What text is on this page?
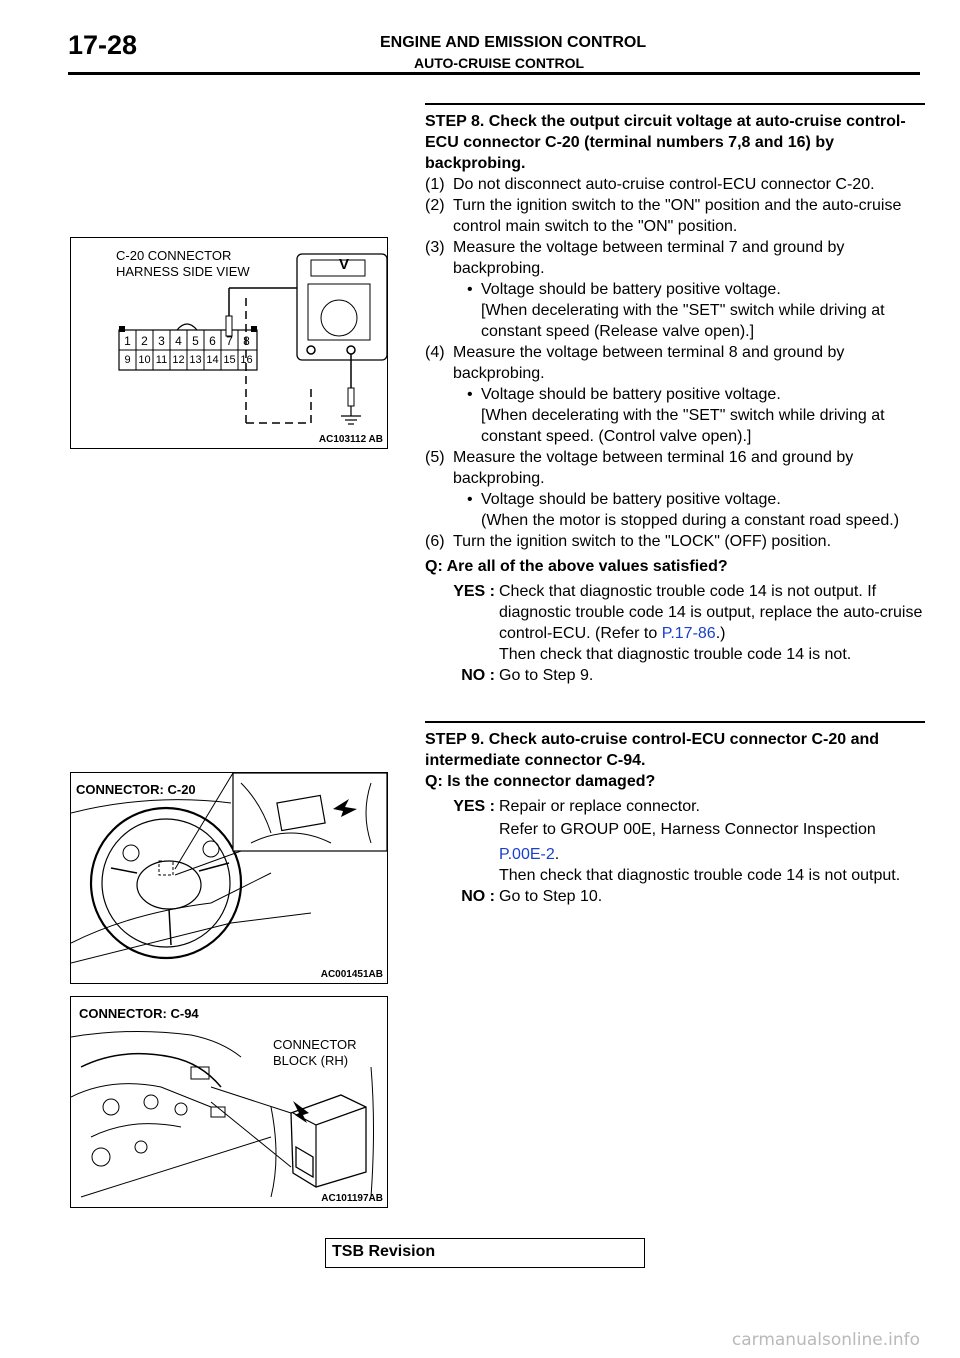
17-28	ENGINE AND EMISSION CONTROL
AUTO-CRUISE CONTROL
C-20 CONNECTOR
HARNESS SIDE VIEW	V
1 2 3 4 5 6 7 8
9 10 11 12 13 14 15 16
AC103112 AB
CONNECTOR: C-20
AC001451AB
CONNECTOR: C-94
CONNECTOR
BLOCK (RH)
AC101197AB
STEP 8. Check the output circuit voltage at auto-cruise control-ECU connector C-20 (terminal numbers 7,8 and 16) by backprobing.
(1) Do not disconnect auto-cruise control-ECU connector C-20.
(2) Turn the ignition switch to the "ON" position and the auto-cruise control main switch to the "ON" position.
(3) Measure the voltage between terminal 7 and ground by backprobing.
• Voltage should be battery positive voltage.
[When decelerating with the "SET" switch while driving at constant speed (Release valve open).]
(4) Measure the voltage between terminal 8 and ground by backprobing.
• Voltage should be battery positive voltage.
[When decelerating with the "SET" switch while driving at constant speed. (Control valve open).]
(5) Measure the voltage between terminal 16 and ground by backprobing.
• Voltage should be battery positive voltage.
(When the motor is stopped during a constant road speed.)
(6) Turn the ignition switch to the "LOCK" (OFF) position.
Q: Are all of the above values satisfied?
YES : Check that diagnostic trouble code 14 is not output. If diagnostic trouble code 14 is output, replace the auto-cruise control-ECU. (Refer to P.17-86.)
Then check that diagnostic trouble code 14 is not.
NO : Go to Step 9.
STEP 9. Check auto-cruise control-ECU connector C-20 and intermediate connector C-94.
Q: Is the connector damaged?
YES : Repair or replace connector.
Refer to GROUP 00E, Harness Connector Inspection
P.00E-2.
Then check that diagnostic trouble code 14 is not output.
NO : Go to Step 10.
TSB Revision
carmanualsonline.info
